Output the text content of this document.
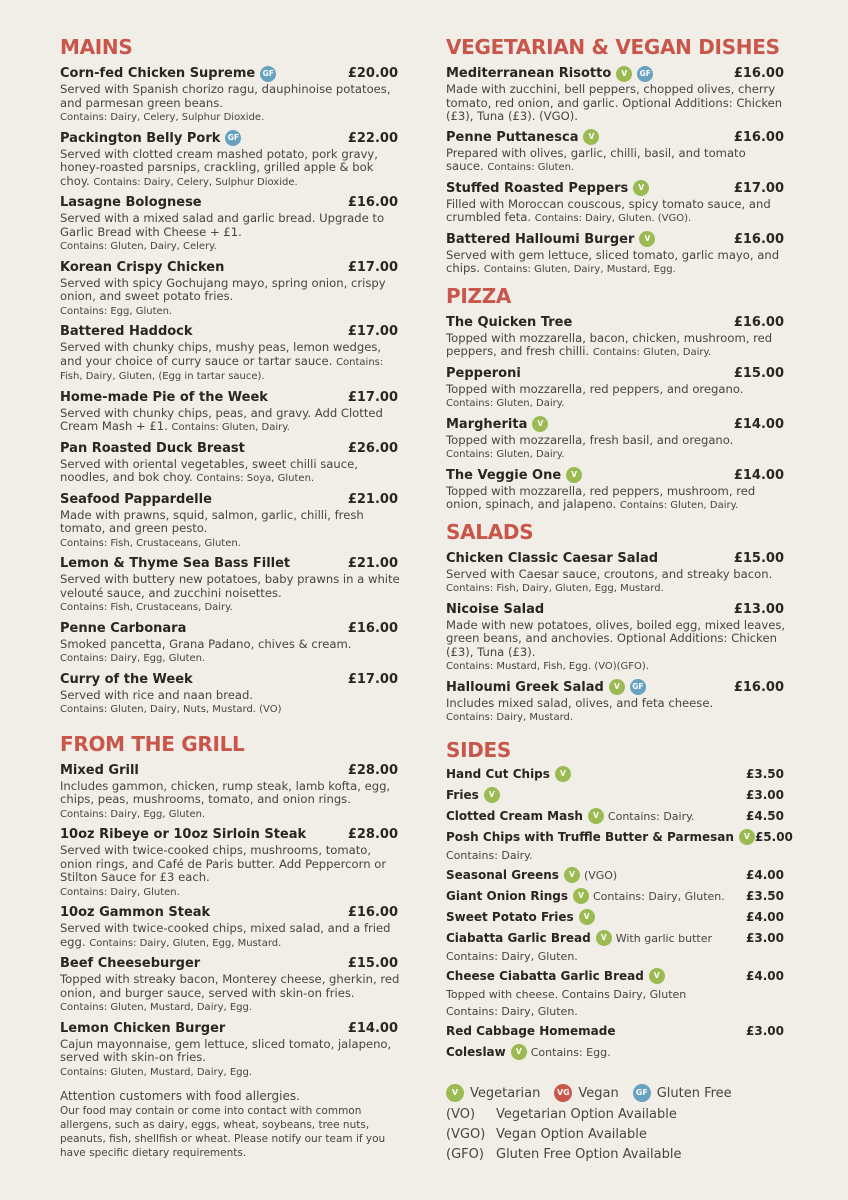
MAINS
Corn-fed Chicken Supreme GF	£20.00
Served with Spanish chorizo ragu, dauphinoise potatoes, and parmesan green beans.
Contains: Dairy, Celery, Sulphur Dioxide.
Packington Belly Pork GF	£22.00
Served with clotted cream mashed potato, pork gravy, honey-roasted parsnips, crackling, grilled apple & bok choy. Contains: Dairy, Celery, Sulphur Dioxide.
Lasagne Bolognese	£16.00
Served with a mixed salad and garlic bread. Upgrade to Garlic Bread with Cheese + £1.
Contains: Gluten, Dairy, Celery.
Korean Crispy Chicken	£17.00
Served with spicy Gochujang mayo, spring onion, crispy onion, and sweet potato fries.
Contains: Egg, Gluten.
Battered Haddock	£17.00
Served with chunky chips, mushy peas, lemon wedges, and your choice of curry sauce or tartar sauce. Contains: Fish, Dairy, Gluten, (Egg in tartar sauce).
Home-made Pie of the Week	£17.00
Served with chunky chips, peas, and gravy. Add Clotted Cream Mash + £1. Contains: Gluten, Dairy.
Pan Roasted Duck Breast	£26.00
Served with oriental vegetables, sweet chilli sauce, noodles, and bok choy. Contains: Soya, Gluten.
Seafood Pappardelle	£21.00
Made with prawns, squid, salmon, garlic, chilli, fresh tomato, and green pesto.
Contains: Fish, Crustaceans, Gluten.
Lemon & Thyme Sea Bass Fillet	£21.00
Served with buttery new potatoes, baby prawns in a white velouté sauce, and zucchini noisettes.
Contains: Fish, Crustaceans, Dairy.
Penne Carbonara	£16.00
Smoked pancetta, Grana Padano, chives & cream.
Contains: Dairy, Egg, Gluten.
Curry of the Week	£17.00
Served with rice and naan bread.
Contains: Gluten, Dairy, Nuts, Mustard. (VO)
FROM THE GRILL
Mixed Grill	£28.00
Includes gammon, chicken, rump steak, lamb kofta, egg, chips, peas, mushrooms, tomato, and onion rings. Contains: Dairy, Egg, Gluten.
10oz Ribeye or 10oz Sirloin Steak	£28.00
Served with twice-cooked chips, mushrooms, tomato, onion rings, and Café de Paris butter. Add Peppercorn or Stilton Sauce for £3 each.
Contains: Dairy, Gluten.
10oz Gammon Steak	£16.00
Served with twice-cooked chips, mixed salad, and a fried egg. Contains: Dairy, Gluten, Egg, Mustard.
Beef Cheeseburger	£15.00
Topped with streaky bacon, Monterey cheese, gherkin, red onion, and burger sauce, served with skin-on fries. Contains: Gluten, Mustard, Dairy, Egg.
Lemon Chicken Burger	£14.00
Cajun mayonnaise, gem lettuce, sliced tomato, jalapeno, served with skin-on fries.
Contains: Gluten, Mustard, Dairy, Egg.
Attention customers with food allergies.
Our food may contain or come into contact with common allergens, such as dairy, eggs, wheat, soybeans, tree nuts, peanuts, fish, shellfish or wheat. Please notify our team if you have specific dietary requirements.
VEGETARIAN & VEGAN DISHES
Mediterranean Risotto	V	GF	£16.00
Made with zucchini, bell peppers, chopped olives, cherry tomato, red onion, and garlic. Optional Additions: Chicken (£3), Tuna (£3). (VGO).
Penne Puttanesca	V	£16.00
Prepared with olives, garlic, chilli, basil, and tomato sauce. Contains: Gluten.
Stuffed Roasted Peppers	V	£17.00
Filled with Moroccan couscous, spicy tomato sauce, and crumbled feta. Contains: Dairy, Gluten. (VGO).
Battered Halloumi Burger	V	£16.00
Served with gem lettuce, sliced tomato, garlic mayo, and chips. Contains: Gluten, Dairy, Mustard, Egg.
PIZZA
The Quicken Tree	£16.00
Topped with mozzarella, bacon, chicken, mushroom, red peppers, and fresh chilli. Contains: Gluten, Dairy.
Pepperoni	£15.00
Topped with mozzarella, red peppers, and oregano.
Contains: Gluten, Dairy.
Margherita	V	£14.00
Topped with mozzarella, fresh basil, and oregano.
Contains: Gluten, Dairy.
The Veggie One	V	£14.00
Topped with mozzarella, red peppers, mushroom, red onion, spinach, and jalapeno. Contains: Gluten, Dairy.
SALADS
Chicken Classic Caesar Salad	£15.00
Served with Caesar sauce, croutons, and streaky bacon. Contains: Fish, Dairy, Gluten, Egg, Mustard.
Nicoise Salad	£13.00
Made with new potatoes, olives, boiled egg, mixed leaves, green beans, and anchovies. Optional Additions: Chicken (£3), Tuna (£3).
Contains: Mustard, Fish, Egg. (VO)(GFO).
Halloumi Greek Salad	V	GF	£16.00
Includes mixed salad, olives, and feta cheese.
Contains: Dairy, Mustard.
SIDES
Hand Cut Chips	V	£3.50
Fries	V	£3.00
Clotted Cream Mash	V Contains: Dairy.	£4.50
Posh Chips with Truffle Butter & Parmesan	V £5.00
Contains: Dairy.
Seasonal Greens	V (VGO)	£4.00
Giant Onion Rings	V Contains: Dairy, Gluten. £3.50
Sweet Potato Fries	V	£4.00
Ciabatta Garlic Bread	V With garlic butter	£3.00
Contains: Dairy, Gluten.
Cheese Ciabatta Garlic Bread	V	£4.00
Topped with cheese. Contains Dairy, Gluten
Contains: Dairy, Gluten.
Red Cabbage Homemade	£3.00
Coleslaw	V Contains: Egg.
V Vegetarian	VG Vegan	GF Gluten Free
(VO)	Vegetarian Option Available
(VGO) Vegan Option Available
(GFO) Gluten Free Option Available
